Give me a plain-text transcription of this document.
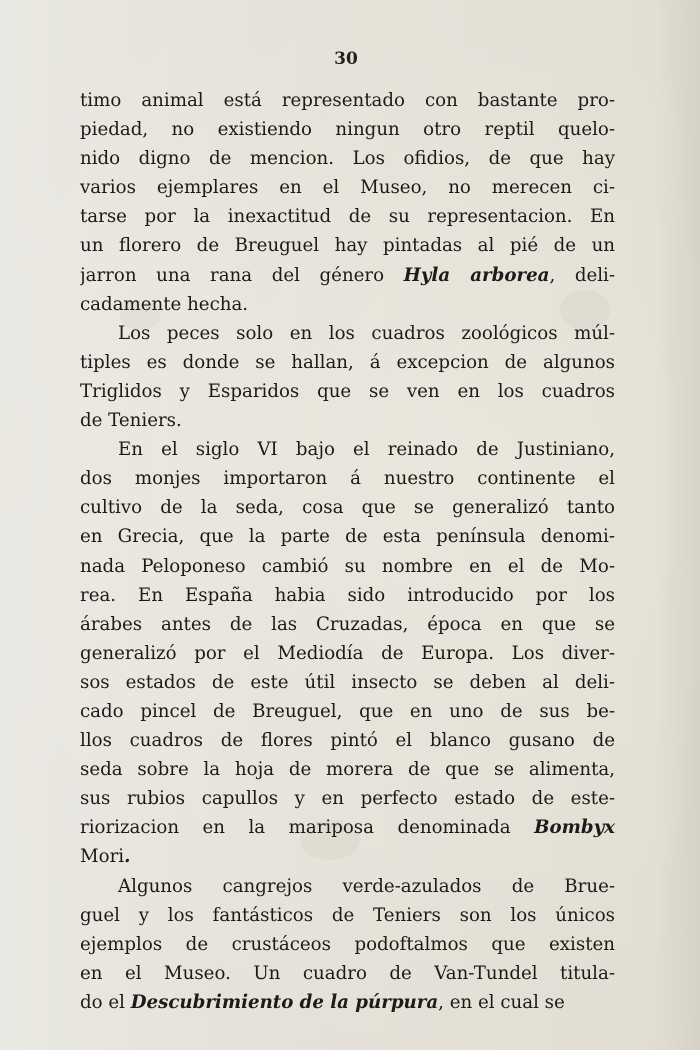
30
timo animal está representado con bastante pro-
piedad, no existiendo ningun otro reptil quelo-
nido digno de mencion. Los ofidios, de que hay
varios ejemplares en el Museo, no merecen ci-
tarse por la inexactitud de su representacion. En
un florero de Breuguel hay pintadas al pié de un
jarron una rana del género Hyla arborea, deli-
cadamente hecha.
Los peces solo en los cuadros zoológicos múl-
tiples es donde se hallan, á excepcion de algunos
Triglidos y Esparidos que se ven en los cuadros
de Teniers.
En el siglo VI bajo el reinado de Justiniano,
dos monjes importaron á nuestro continente el
cultivo de la seda, cosa que se generalizó tanto
en Grecia, que la parte de esta península denomi-
nada Peloponeso cambió su nombre en el de Mo-
rea. En España habia sido introducido por los
árabes antes de las Cruzadas, época en que se
generalizó por el Mediodía de Europa. Los diver-
sos estados de este útil insecto se deben al deli-
cado pincel de Breuguel, que en uno de sus be-
llos cuadros de flores pintó el blanco gusano de
seda sobre la hoja de morera de que se alimenta,
sus rubios capullos y en perfecto estado de este-
riorizacion en la mariposa denominada Bombyx
Mori.
Algunos cangrejos verde-azulados de Brue-
guel y los fantásticos de Teniers son los únicos
ejemplos de crustáceos podoftalmos que existen
en el Museo. Un cuadro de Van-Tundel titula-
do el Descubrimiento de la púrpura, en el cual se
